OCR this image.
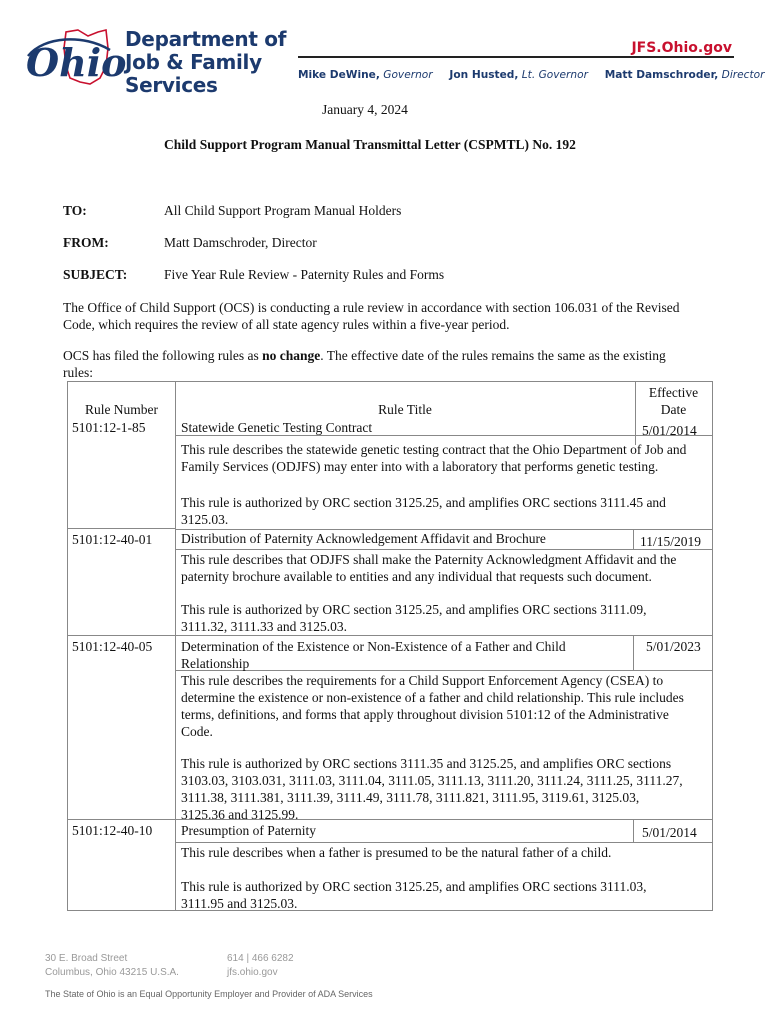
Ohio
Department of
Job & Family
Services
JFS.Ohio.gov
Mike DeWine, Governor Jon Husted, Lt. Governor Matt Damschroder, Director
January 4, 2024
Child Support Program Manual Transmittal Letter (CSPMTL) No. 192
TO:	All Child Support Program Manual Holders
FROM:	Matt Damschroder, Director
SUBJECT:	Five Year Rule Review - Paternity Rules and Forms
The Office of Child Support (OCS) is conducting a rule review in accordance with section 106.031 of the Revised
Code, which requires the review of all state agency rules within a five-year period.
OCS has filed the following rules as no change. The effective date of the rules remains the same as the existing
rules:
Rule Number	Rule Title
Effective
Date
5101:12-1-85	Statewide Genetic Testing Contract	5/01/2014
This rule describes the statewide genetic testing contract that the Ohio Department of Job and
Family Services (ODJFS) may enter into with a laboratory that performs genetic testing.
This rule is authorized by ORC section 3125.25, and amplifies ORC sections 3111.45 and
3125.03.
5101:12-40-01 Distribution of Paternity Acknowledgement Affidavit and Brochure	11/15/2019
This rule describes that ODJFS shall make the Paternity Acknowledgment Affidavit and the
paternity brochure available to entities and any individual that requests such document.
This rule is authorized by ORC section 3125.25, and amplifies ORC sections 3111.09,
3111.32, 3111.33 and 3125.03.
5101:12-40-05 Determination of the Existence or Non-Existence of a Father and Child
Relationship
5/01/2023
This rule describes the requirements for a Child Support Enforcement Agency (CSEA) to
determine the existence or non-existence of a father and child relationship. This rule includes
terms, definitions, and forms that apply throughout division 5101:12 of the Administrative
Code.
This rule is authorized by ORC sections 3111.35 and 3125.25, and amplifies ORC sections
3103.03, 3103.031, 3111.03, 3111.04, 3111.05, 3111.13, 3111.20, 3111.24, 3111.25, 3111.27,
3111.38, 3111.381, 3111.39, 3111.49, 3111.78, 3111.821, 3111.95, 3119.61, 3125.03,
3125.36 and 3125.99.
5101:12-40-10 Presumption of Paternity	5/01/2014
This rule describes when a father is presumed to be the natural father of a child.
This rule is authorized by ORC section 3125.25, and amplifies ORC sections 3111.03,
3111.95 and 3125.03.
30 E. Broad Street
Columbus, Ohio 43215 U.S.A.
614 | 466 6282
jfs.ohio.gov
The State of Ohio is an Equal Opportunity Employer and Provider of ADA Services
